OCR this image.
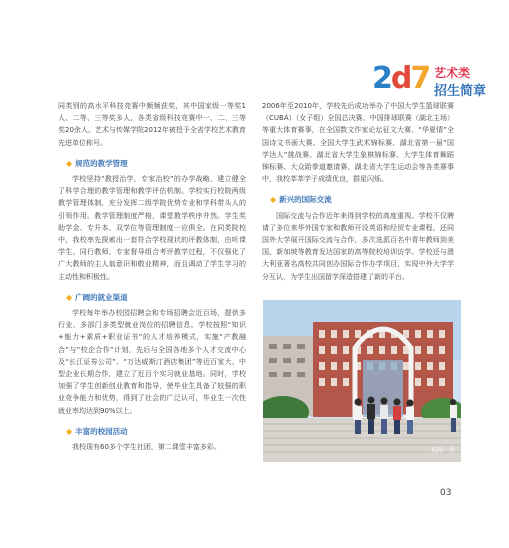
2d7 艺术类
招生简章

同类别的高水平科技竞赛中频频获奖，其中国家级一等奖1人、二等、三等奖多人，各类省级科技竞赛中一、二、三等奖20余人。艺术与传媒学院2012年被授予全省学校艺术教育先进单位称号。

◆ 规范的教学管理

学校坚持“教授治学，专家治校”的办学战略，建立健全了科学合理的教学管理和教学评估机制。学校实行校院两级教学管理体制，充分发挥二级学院优势专业和学科带头人的引领作用。教学管理制度严格，课堂教学秩序井然。学生奖助学金、专升本、双学位等管理制度一应俱全。在同类院校中，我校率先探索出一套符合学校现状的评教体制，由听课学生、同行教师、专家督导组合考评教学过程，不仅强化了广大教师的主人翁意识和敬业精神，而且调动了学生学习的主动性和积极性。

◆ 广阔的就业渠道

学校每年举办校园招聘会和专场招聘会近百场，提供多行业、多部门多类型就业岗位的招聘信息。学校按照“知识+能力+素质+职业证书”的人才培养模式，实施“产教融合”与“校企合作”计划，先后与全国各地多个人才交流中心及“长江证券公司”、“万达威斯汀酒店集团”等近百家大、中型企业长期合作，建立了近百个实习就业基地。同时，学校加强了学生创新创业教育和指导，使毕业生具备了较强的职业竞争能力和优势，得到了社会的广泛认可，毕业生一次性就业率均达到90%以上。

◆ 丰富的校园活动

我校现有60多个学生社团，第二课堂丰富多彩。

2006年至2010年，学校先后成功举办了中国大学生篮球联赛（CUBA）（女子组）全国总决赛、中国排球联赛（湖北主场）等重大体育赛事，在全国数文作家论坛征文大赛、“华夏情”全国诗文书画大赛、全国大学生武术锦标赛、湖北省第一届“国学达人”挑战赛、湖北省大学生象棋锦标赛、大学生体育舞蹈锦标赛、大众跆拳道邀请赛、湖北省大学生运动会等各类赛事中，我校莘莘学子成绩优良，群星闪烁。

◆ 新兴的国际交流

国际交流与合作近年来得到学校的高度重视。学校不仅聘请了多位来华外国专家和教师开设英语和经贸专业课程，还同国外大学展开国际交流与合作，多次选派百名中青年教师到美国、新加坡等教育发达国家的高等院校培训访学。学校还与澳大利亚著名高校共同创办国际合作办学项目，实现中外大学学分互认，为学生出国留学深造搭建了新的平台。

校园一角
03
